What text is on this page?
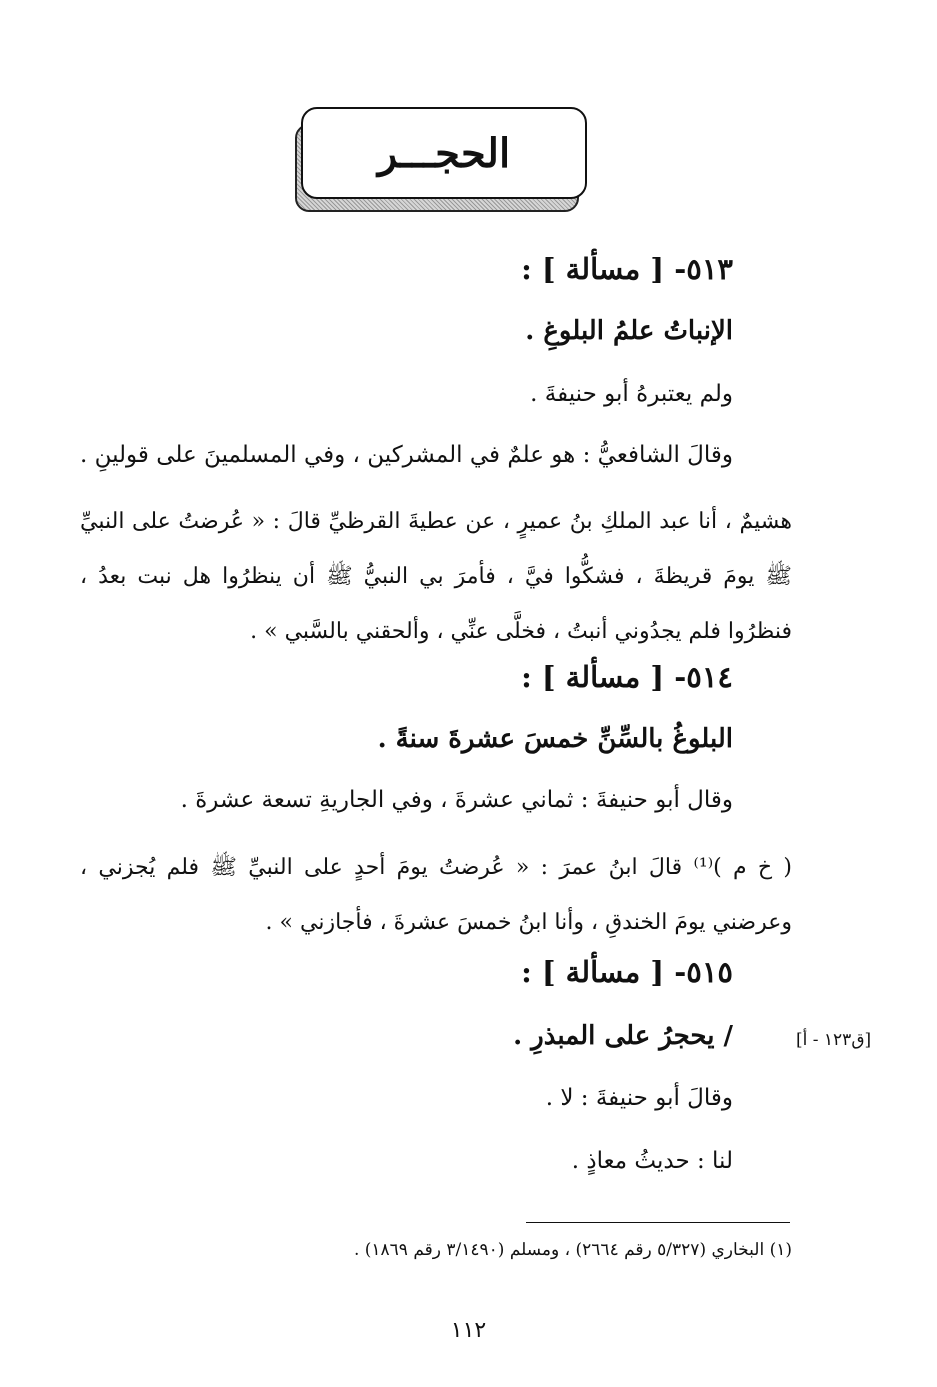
الحجـــر
٥١٣- [ مسألة ] :
الإنباتُ علمُ البلوغِ .
ولم يعتبرهُ أبو حنيفةَ .
وقالَ الشافعيُّ : هو علمٌ في المشركين ، وفي المسلمينَ على قولينِ .
هشيمٌ ، أنا عبد الملكِ بنُ عميرٍ ، عن عطيةَ القرظيِّ قالَ : « عُرضتُ على النبيِّ ﷺ يومَ قريظةَ ، فشكُّوا فيَّ ، فأمرَ بي النبيُّ ﷺ أن ينظرُوا هل نبت بعدُ ، فنظرُوا فلم يجدُوني أنبتُ ، فخلَّى عنِّي ، وألحقني بالسَّبي » .
٥١٤- [ مسألة ] :
البلوغُ بالسِّنِّ خمسَ عشرةَ سنةً .
وقال أبو حنيفةَ : ثماني عشرةَ ، وفي الجاريةِ تسعة عشرةَ .
( خ م )⁽¹⁾ قالَ ابنُ عمرَ : « عُرضتُ يومَ أحدٍ على النبيِّ ﷺ فلم يُجزني ، وعرضني يومَ الخندقِ ، وأنا ابنُ خمسَ عشرةَ ، فأجازني » .
٥١٥- [ مسألة ] :
/ يحجرُ على المبذرِ .
وقالَ أبو حنيفةَ : لا .
لنا : حديثُ معاذٍ .
[ق١٢٣ - أ]
(١) البخاري (٥/٣٢٧ رقم ٢٦٦٤) ، ومسلم (٣/١٤٩٠ رقم ١٨٦٩) .
١١٢
